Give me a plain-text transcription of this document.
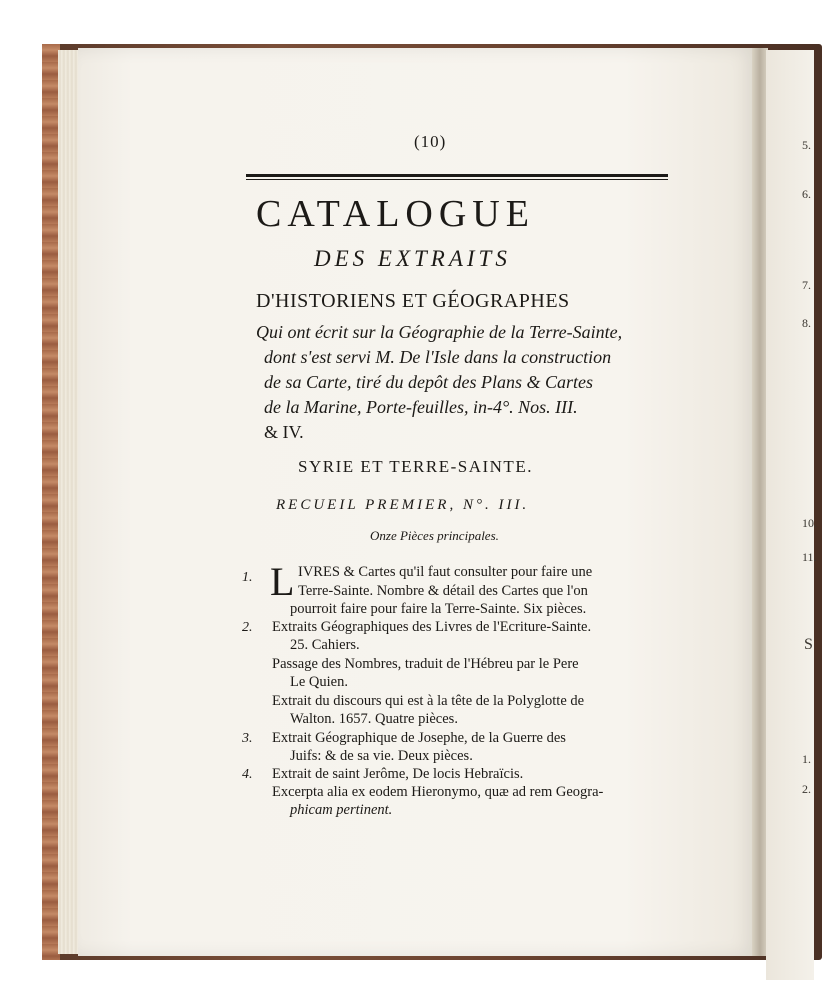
5.
6.
7.
8.
10.
11.
S
1.
2.
(10)
CATALOGUE
DES EXTRAITS
D'HISTORIENS ET GÉOGRAPHES
Qui ont écrit sur la Géographie de la Terre-Sainte,
dont s'est servi M. De l'Isle dans la construction
de sa Carte, tiré du depôt des Plans & Cartes
de la Marine, Porte-feuilles, in-4°. Nos. III.
& IV.
SYRIE ET TERRE-SAINTE.
RECUEIL PREMIER, N°. III.
Onze Pièces principales.
1. L IVRES & Cartes qu'il faut consulter pour faire une
Terre-Sainte. Nombre & détail des Cartes que l'on
pourroit faire pour faire la Terre-Sainte. Six pièces.
2. Extraits Géographiques des Livres de l'Ecriture-Sainte.
25. Cahiers.
Passage des Nombres, traduit de l'Hébreu par le Pere
Le Quien.
Extrait du discours qui est à la tête de la Polyglotte de
Walton. 1657. Quatre pièces.
3. Extrait Géographique de Josephe, de la Guerre des
Juifs: & de sa vie. Deux pièces.
4. Extrait de saint Jerôme, De locis Hebraïcis.
Excerpta alia ex eodem Hieronymo, quæ ad rem Geogra-
phicam pertinent.
